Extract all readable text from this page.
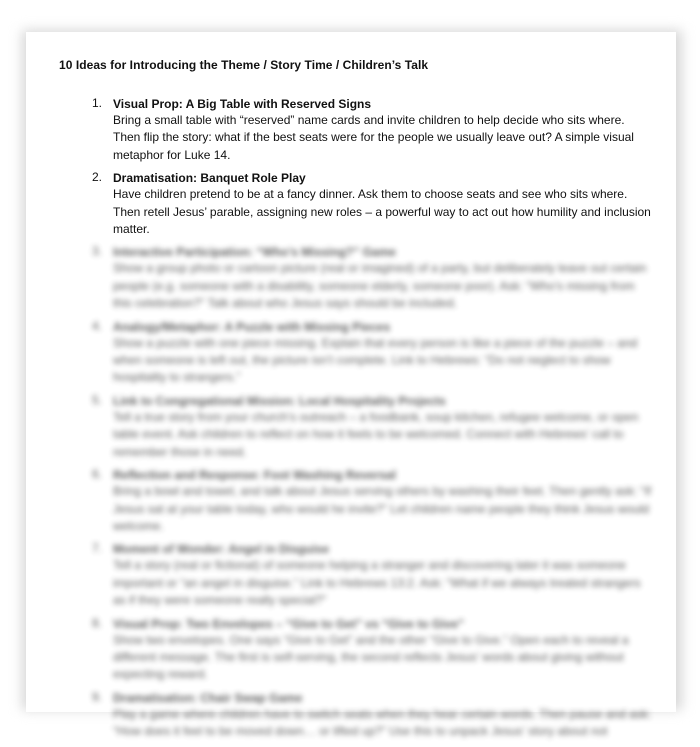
10 Ideas for Introducing the Theme / Story Time / Children’s Talk
1. Visual Prop: A Big Table with Reserved Signs
Bring a small table with “reserved” name cards and invite children to help decide who sits where. Then flip the story: what if the best seats were for the people we usually leave out? A simple visual metaphor for Luke 14.
2. Dramatisation: Banquet Role Play
Have children pretend to be at a fancy dinner. Ask them to choose seats and see who sits where. Then retell Jesus’ parable, assigning new roles – a powerful way to act out how humility and inclusion matter.
3. Interactive Participation: “Who’s Missing?” Game
Show a group photo or cartoon picture (real or imagined) of a party, but deliberately leave out certain people (e.g. someone with a disability, someone elderly, someone poor). Ask: “Who’s missing from this celebration?” Talk about who Jesus says should be included.
4. Analogy/Metaphor: A Puzzle with Missing Pieces
Show a puzzle with one piece missing. Explain that every person is like a piece of the puzzle – and when someone is left out, the picture isn’t complete. Link to Hebrews: “Do not neglect to show hospitality to strangers.”
5. Link to Congregational Mission: Local Hospitality Projects
Tell a true story from your church’s outreach – a foodbank, soup kitchen, refugee welcome, or open table event. Ask children to reflect on how it feels to be welcomed. Connect with Hebrews’ call to remember those in need.
6. Reflection and Response: Foot Washing Reversal
Bring a bowl and towel, and talk about Jesus serving others by washing their feet. Then gently ask: “If Jesus sat at your table today, who would he invite?” Let children name people they think Jesus would welcome.
7. Moment of Wonder: Angel in Disguise
Tell a story (real or fictional) of someone helping a stranger and discovering later it was someone important or “an angel in disguise.” Link to Hebrews 13:2. Ask: “What if we always treated strangers as if they were someone really special?”
8. Visual Prop: Two Envelopes – “Give to Get” vs “Give to Give”
Show two envelopes. One says “Give to Get” and the other “Give to Give.” Open each to reveal a different message. The first is self-serving, the second reflects Jesus’ words about giving without expecting reward.
9. Dramatisation: Chair Swap Game
Play a game where children have to switch seats when they hear certain words. Then pause and ask: “How does it feel to be moved down… or lifted up?” Use this to unpack Jesus’ story about not
